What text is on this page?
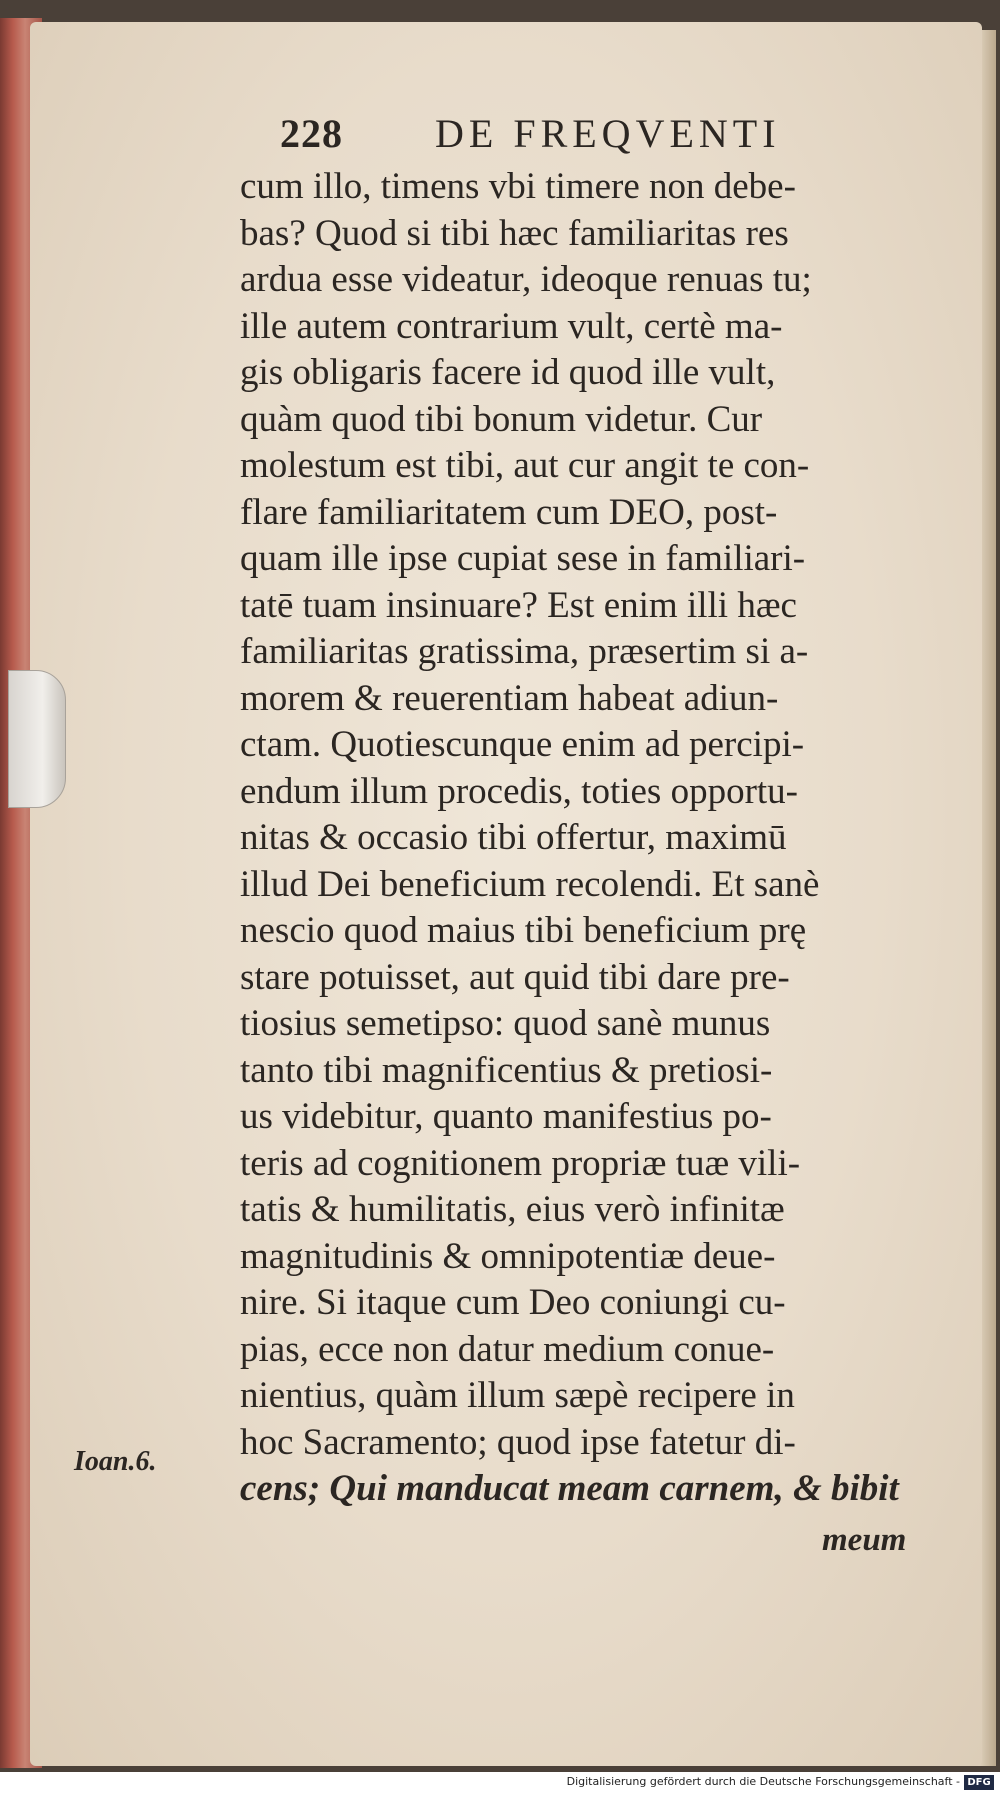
228 DE FREQVENTI
cum illo, timens vbi timere non debe-
bas? Quod si tibi hæc familiaritas res
ardua esse videatur, ideoque renuas tu;
ille autem contrarium vult, certè ma-
gis obligaris facere id quod ille vult,
quàm quod tibi bonum videtur. Cur
molestum est tibi, aut cur angit te con-
flare familiaritatem cum DEO, post-
quam ille ipse cupiat sese in familiari-
tatē tuam insinuare? Est enim illi hæc
familiaritas gratissima, præsertim si a-
morem & reuerentiam habeat adiun-
ctam. Quotiescunque enim ad percipi-
endum illum procedis, toties opportu-
nitas & occasio tibi offertur, maximū
illud Dei beneficium recolendi. Et sanè
nescio quod maius tibi beneficium prę
stare potuisset, aut quid tibi dare pre-
tiosius semetipso: quod sanè munus
tanto tibi magnificentius & pretiosi-
us videbitur, quanto manifestius po-
teris ad cognitionem propriæ tuæ vili-
tatis & humilitatis, eius verò infinitæ
magnitudinis & omnipotentiæ deue-
nire. Si itaque cum Deo coniungi cu-
pias, ecce non datur medium conue-
nientius, quàm illum sæpè recipere in
hoc Sacramento; quod ipse fatetur di-
cens; Qui manducat meam carnem, & bibit
Ioan.6.
meum
Digitalisierung gefördert durch die Deutsche Forschungsgemeinschaft - DFG
